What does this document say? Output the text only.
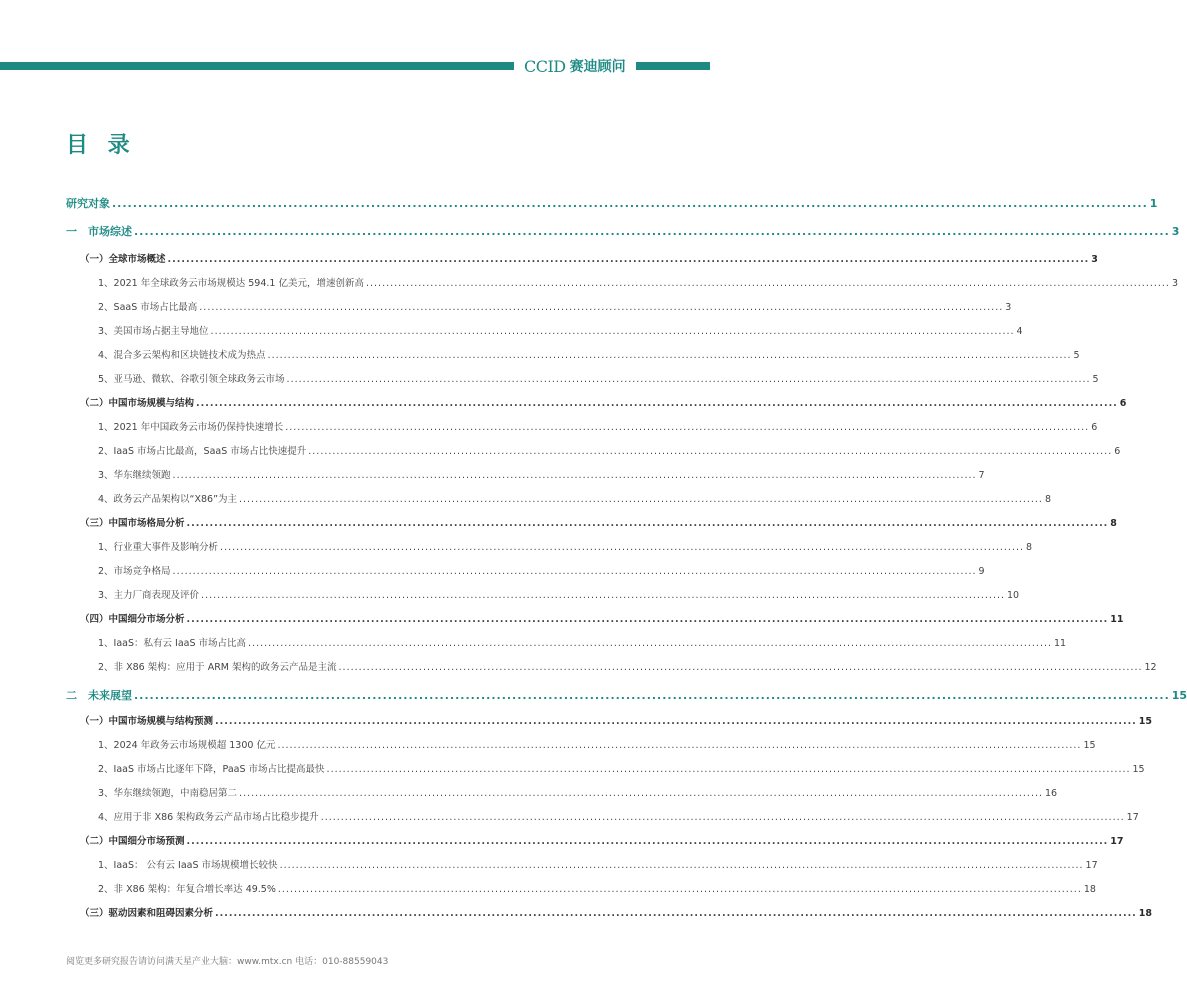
CCID 赛迪顾问
目 录
研究对象 .....	1
一　市场综述 .....	3
（一）全球市场概述 .....	3
1、2021 年全球政务云市场规模达 594.1 亿美元，增速创新高 .....	3
2、SaaS 市场占比最高 .....	3
3、美国市场占据主导地位 .....	4
4、混合多云架构和区块链技术成为热点 .....	5
5、亚马逊、微软、谷歌引领全球政务云市场 .....	5
（二）中国市场规模与结构 .....	6
1、2021 年中国政务云市场仍保持快速增长 .....	6
2、IaaS 市场占比最高，SaaS 市场占比快速提升 .....	6
3、华东继续领跑 .....	7
4、政务云产品架构以“X86”为主 .....	8
（三）中国市场格局分析 .....	8
1、行业重大事件及影响分析 .....	8
2、市场竞争格局 .....	9
3、主力厂商表现及评价 .....	10
（四）中国细分市场分析 .....	11
1、IaaS：私有云 IaaS 市场占比高 .....	11
2、非 X86 架构：应用于 ARM 架构的政务云产品是主流 .....	12
二　未来展望 .....	15
（一）中国市场规模与结构预测 .....	15
1、2024 年政务云市场规模超 1300 亿元 .....	15
2、IaaS 市场占比逐年下降，PaaS 市场占比提高最快 .....	15
3、华东继续领跑，中南稳居第二 .....	16
4、应用于非 X86 架构政务云产品市场占比稳步提升 .....	17
（二）中国细分市场预测 .....	17
1、IaaS： 公有云 IaaS 市场规模增长较快 .....	17
2、非 X86 架构：年复合增长率达 49.5% .....	18
（三）驱动因素和阻碍因素分析 .....	18
阅览更多研究报告请访问满天星产业大脑：www.mtx.cn 电话：010-88559043
